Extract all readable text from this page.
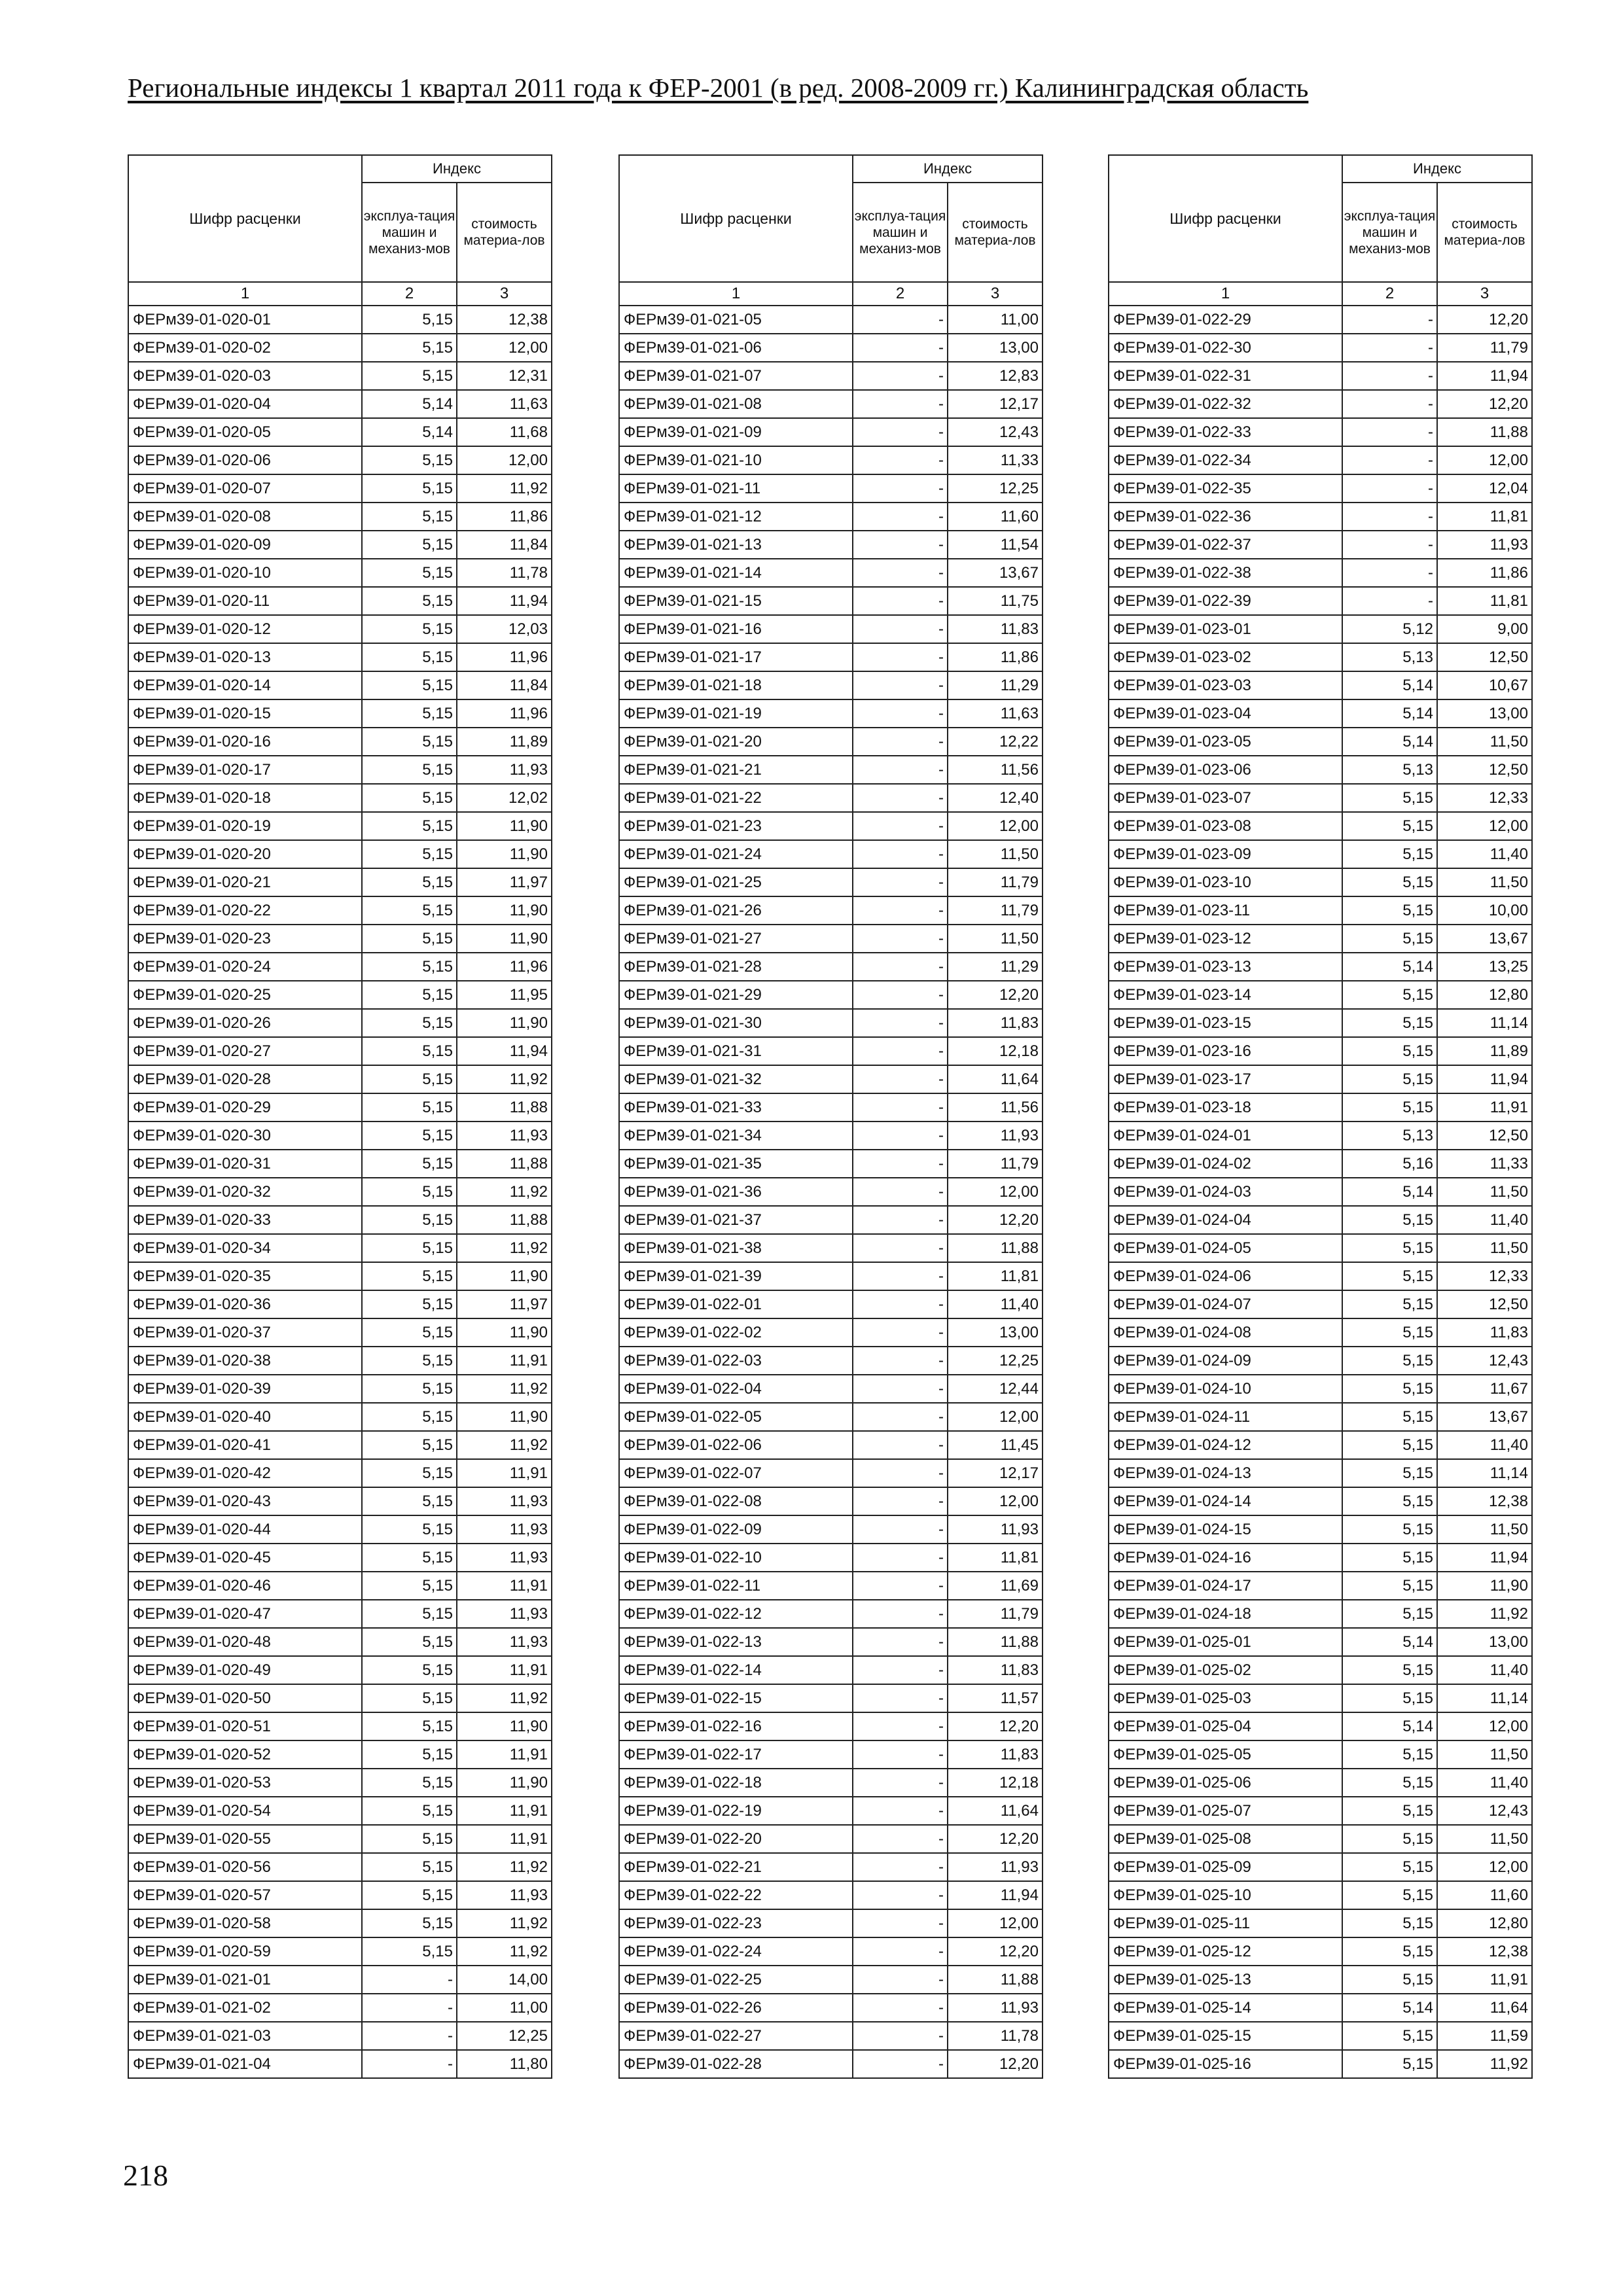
Региональные индексы 1 квартал 2011 года к ФЕР-2001 (в ред. 2008-2009 гг.) Калининградская область
Шифр расценки	Индекс	
	эксплуа-тация машин и механиз-мов	стоимость материа-лов
1	2	3
ФЕРм39-01-020-01	5,15	12,38
ФЕРм39-01-020-02	5,15	12,00
ФЕРм39-01-020-03	5,15	12,31
ФЕРм39-01-020-04	5,14	11,63
ФЕРм39-01-020-05	5,14	11,68
ФЕРм39-01-020-06	5,15	12,00
ФЕРм39-01-020-07	5,15	11,92
ФЕРм39-01-020-08	5,15	11,86
ФЕРм39-01-020-09	5,15	11,84
ФЕРм39-01-020-10	5,15	11,78
ФЕРм39-01-020-11	5,15	11,94
ФЕРм39-01-020-12	5,15	12,03
ФЕРм39-01-020-13	5,15	11,96
ФЕРм39-01-020-14	5,15	11,84
ФЕРм39-01-020-15	5,15	11,96
ФЕРм39-01-020-16	5,15	11,89
ФЕРм39-01-020-17	5,15	11,93
ФЕРм39-01-020-18	5,15	12,02
ФЕРм39-01-020-19	5,15	11,90
ФЕРм39-01-020-20	5,15	11,90
ФЕРм39-01-020-21	5,15	11,97
ФЕРм39-01-020-22	5,15	11,90
ФЕРм39-01-020-23	5,15	11,90
ФЕРм39-01-020-24	5,15	11,96
ФЕРм39-01-020-25	5,15	11,95
ФЕРм39-01-020-26	5,15	11,90
ФЕРм39-01-020-27	5,15	11,94
ФЕРм39-01-020-28	5,15	11,92
ФЕРм39-01-020-29	5,15	11,88
ФЕРм39-01-020-30	5,15	11,93
ФЕРм39-01-020-31	5,15	11,88
ФЕРм39-01-020-32	5,15	11,92
ФЕРм39-01-020-33	5,15	11,88
ФЕРм39-01-020-34	5,15	11,92
ФЕРм39-01-020-35	5,15	11,90
ФЕРм39-01-020-36	5,15	11,97
ФЕРм39-01-020-37	5,15	11,90
ФЕРм39-01-020-38	5,15	11,91
ФЕРм39-01-020-39	5,15	11,92
ФЕРм39-01-020-40	5,15	11,90
ФЕРм39-01-020-41	5,15	11,92
ФЕРм39-01-020-42	5,15	11,91
ФЕРм39-01-020-43	5,15	11,93
ФЕРм39-01-020-44	5,15	11,93
ФЕРм39-01-020-45	5,15	11,93
ФЕРм39-01-020-46	5,15	11,91
ФЕРм39-01-020-47	5,15	11,93
ФЕРм39-01-020-48	5,15	11,93
ФЕРм39-01-020-49	5,15	11,91
ФЕРм39-01-020-50	5,15	11,92
ФЕРм39-01-020-51	5,15	11,90
ФЕРм39-01-020-52	5,15	11,91
ФЕРм39-01-020-53	5,15	11,90
ФЕРм39-01-020-54	5,15	11,91
ФЕРм39-01-020-55	5,15	11,91
ФЕРм39-01-020-56	5,15	11,92
ФЕРм39-01-020-57	5,15	11,93
ФЕРм39-01-020-58	5,15	11,92
ФЕРм39-01-020-59	5,15	11,92
ФЕРм39-01-021-01	-	14,00
ФЕРм39-01-021-02	-	11,00
ФЕРм39-01-021-03	-	12,25
ФЕРм39-01-021-04	-	11,80
Шифр расценки	Индекс	
	эксплуа-тация машин и механиз-мов	стоимость материа-лов
1	2	3
ФЕРм39-01-021-05	-	11,00
ФЕРм39-01-021-06	-	13,00
ФЕРм39-01-021-07	-	12,83
ФЕРм39-01-021-08	-	12,17
ФЕРм39-01-021-09	-	12,43
ФЕРм39-01-021-10	-	11,33
ФЕРм39-01-021-11	-	12,25
ФЕРм39-01-021-12	-	11,60
ФЕРм39-01-021-13	-	11,54
ФЕРм39-01-021-14	-	13,67
ФЕРм39-01-021-15	-	11,75
ФЕРм39-01-021-16	-	11,83
ФЕРм39-01-021-17	-	11,86
ФЕРм39-01-021-18	-	11,29
ФЕРм39-01-021-19	-	11,63
ФЕРм39-01-021-20	-	12,22
ФЕРм39-01-021-21	-	11,56
ФЕРм39-01-021-22	-	12,40
ФЕРм39-01-021-23	-	12,00
ФЕРм39-01-021-24	-	11,50
ФЕРм39-01-021-25	-	11,79
ФЕРм39-01-021-26	-	11,79
ФЕРм39-01-021-27	-	11,50
ФЕРм39-01-021-28	-	11,29
ФЕРм39-01-021-29	-	12,20
ФЕРм39-01-021-30	-	11,83
ФЕРм39-01-021-31	-	12,18
ФЕРм39-01-021-32	-	11,64
ФЕРм39-01-021-33	-	11,56
ФЕРм39-01-021-34	-	11,93
ФЕРм39-01-021-35	-	11,79
ФЕРм39-01-021-36	-	12,00
ФЕРм39-01-021-37	-	12,20
ФЕРм39-01-021-38	-	11,88
ФЕРм39-01-021-39	-	11,81
ФЕРм39-01-022-01	-	11,40
ФЕРм39-01-022-02	-	13,00
ФЕРм39-01-022-03	-	12,25
ФЕРм39-01-022-04	-	12,44
ФЕРм39-01-022-05	-	12,00
ФЕРм39-01-022-06	-	11,45
ФЕРм39-01-022-07	-	12,17
ФЕРм39-01-022-08	-	12,00
ФЕРм39-01-022-09	-	11,93
ФЕРм39-01-022-10	-	11,81
ФЕРм39-01-022-11	-	11,69
ФЕРм39-01-022-12	-	11,79
ФЕРм39-01-022-13	-	11,88
ФЕРм39-01-022-14	-	11,83
ФЕРм39-01-022-15	-	11,57
ФЕРм39-01-022-16	-	12,20
ФЕРм39-01-022-17	-	11,83
ФЕРм39-01-022-18	-	12,18
ФЕРм39-01-022-19	-	11,64
ФЕРм39-01-022-20	-	12,20
ФЕРм39-01-022-21	-	11,93
ФЕРм39-01-022-22	-	11,94
ФЕРм39-01-022-23	-	12,00
ФЕРм39-01-022-24	-	12,20
ФЕРм39-01-022-25	-	11,88
ФЕРм39-01-022-26	-	11,93
ФЕРм39-01-022-27	-	11,78
ФЕРм39-01-022-28	-	12,20
Шифр расценки	Индекс	
	эксплуа-тация машин и механиз-мов	стоимость материа-лов
1	2	3
ФЕРм39-01-022-29	-	12,20
ФЕРм39-01-022-30	-	11,79
ФЕРм39-01-022-31	-	11,94
ФЕРм39-01-022-32	-	12,20
ФЕРм39-01-022-33	-	11,88
ФЕРм39-01-022-34	-	12,00
ФЕРм39-01-022-35	-	12,04
ФЕРм39-01-022-36	-	11,81
ФЕРм39-01-022-37	-	11,93
ФЕРм39-01-022-38	-	11,86
ФЕРм39-01-022-39	-	11,81
ФЕРм39-01-023-01	5,12	9,00
ФЕРм39-01-023-02	5,13	12,50
ФЕРм39-01-023-03	5,14	10,67
ФЕРм39-01-023-04	5,14	13,00
ФЕРм39-01-023-05	5,14	11,50
ФЕРм39-01-023-06	5,13	12,50
ФЕРм39-01-023-07	5,15	12,33
ФЕРм39-01-023-08	5,15	12,00
ФЕРм39-01-023-09	5,15	11,40
ФЕРм39-01-023-10	5,15	11,50
ФЕРм39-01-023-11	5,15	10,00
ФЕРм39-01-023-12	5,15	13,67
ФЕРм39-01-023-13	5,14	13,25
ФЕРм39-01-023-14	5,15	12,80
ФЕРм39-01-023-15	5,15	11,14
ФЕРм39-01-023-16	5,15	11,89
ФЕРм39-01-023-17	5,15	11,94
ФЕРм39-01-023-18	5,15	11,91
ФЕРм39-01-024-01	5,13	12,50
ФЕРм39-01-024-02	5,16	11,33
ФЕРм39-01-024-03	5,14	11,50
ФЕРм39-01-024-04	5,15	11,40
ФЕРм39-01-024-05	5,15	11,50
ФЕРм39-01-024-06	5,15	12,33
ФЕРм39-01-024-07	5,15	12,50
ФЕРм39-01-024-08	5,15	11,83
ФЕРм39-01-024-09	5,15	12,43
ФЕРм39-01-024-10	5,15	11,67
ФЕРм39-01-024-11	5,15	13,67
ФЕРм39-01-024-12	5,15	11,40
ФЕРм39-01-024-13	5,15	11,14
ФЕРм39-01-024-14	5,15	12,38
ФЕРм39-01-024-15	5,15	11,50
ФЕРм39-01-024-16	5,15	11,94
ФЕРм39-01-024-17	5,15	11,90
ФЕРм39-01-024-18	5,15	11,92
ФЕРм39-01-025-01	5,14	13,00
ФЕРм39-01-025-02	5,15	11,40
ФЕРм39-01-025-03	5,15	11,14
ФЕРм39-01-025-04	5,14	12,00
ФЕРм39-01-025-05	5,15	11,50
ФЕРм39-01-025-06	5,15	11,40
ФЕРм39-01-025-07	5,15	12,43
ФЕРм39-01-025-08	5,15	11,50
ФЕРм39-01-025-09	5,15	12,00
ФЕРм39-01-025-10	5,15	11,60
ФЕРм39-01-025-11	5,15	12,80
ФЕРм39-01-025-12	5,15	12,38
ФЕРм39-01-025-13	5,15	11,91
ФЕРм39-01-025-14	5,14	11,64
ФЕРм39-01-025-15	5,15	11,59
ФЕРм39-01-025-16	5,15	11,92
218
